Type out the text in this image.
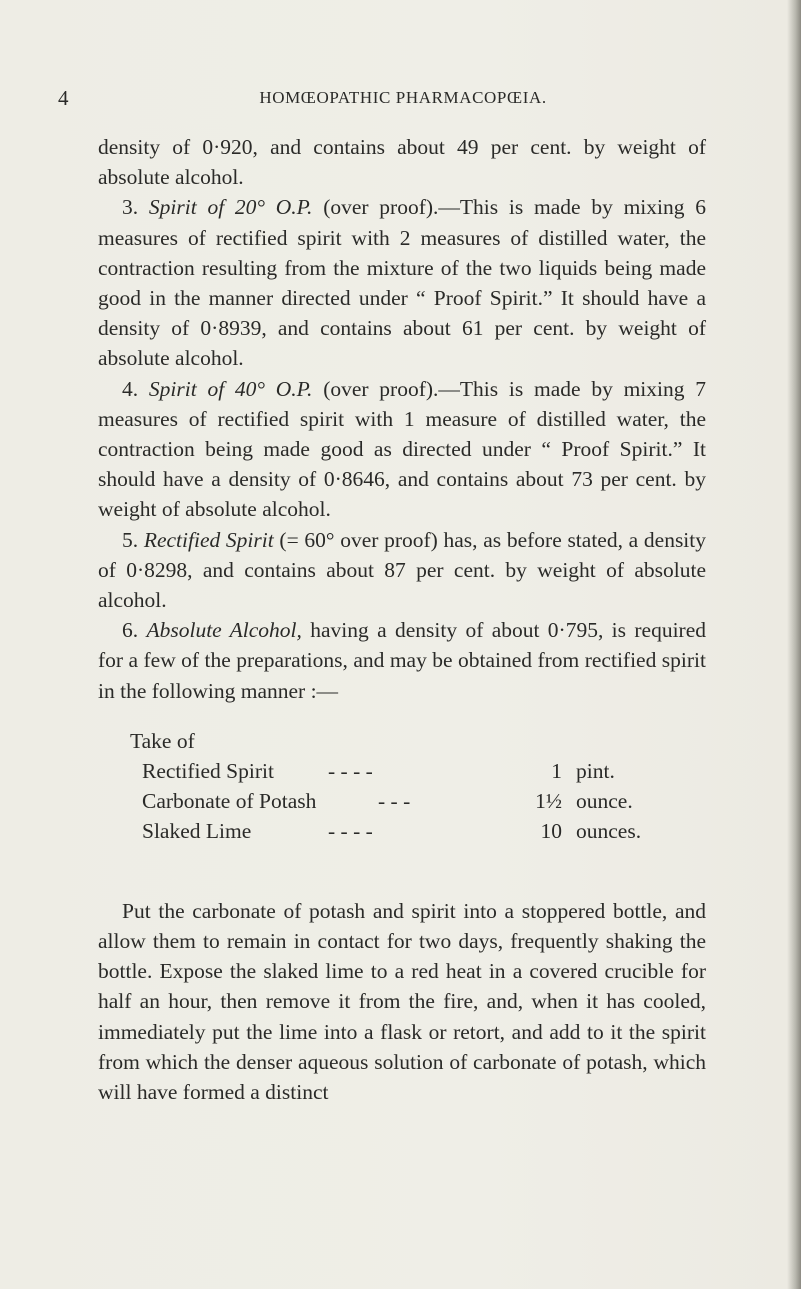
4	HOMŒOPATHIC PHARMACOPŒIA.

density of 0·920, and contains about 49 per cent. by weight of absolute alcohol.

3. Spirit of 20° O.P. (over proof).—This is made by mixing 6 measures of rectified spirit with 2 measures of distilled water, the contraction resulting from the mixture of the two liquids being made good in the manner directed under “ Proof Spirit.” It should have a density of 0·8939, and contains about 61 per cent. by weight of absolute alcohol.

4. Spirit of 40° O.P. (over proof).—This is made by mixing 7 measures of rectified spirit with 1 measure of distilled water, the contraction being made good as directed under “ Proof Spirit.” It should have a density of 0·8646, and contains about 73 per cent. by weight of absolute alcohol.

5. Rectified Spirit (= 60° over proof) has, as before stated, a density of 0·8298, and contains about 87 per cent. by weight of absolute alcohol.

6. Absolute Alcohol, having a density of about 0·795, is required for a few of the preparations, and may be obtained from rectified spirit in the following manner :—

Take of
Rectified Spirit	- - - -	1 pint.
Carbonate of Potash	- - -	1½ ounce.
Slaked Lime	- - - -	10 ounces.

Put the carbonate of potash and spirit into a stoppered bottle, and allow them to remain in contact for two days, frequently shaking the bottle. Expose the slaked lime to a red heat in a covered crucible for half an hour, then remove it from the fire, and, when it has cooled, immediately put the lime into a flask or retort, and add to it the spirit from which the denser aqueous solution of carbonate of potash, which will have formed a distinct
